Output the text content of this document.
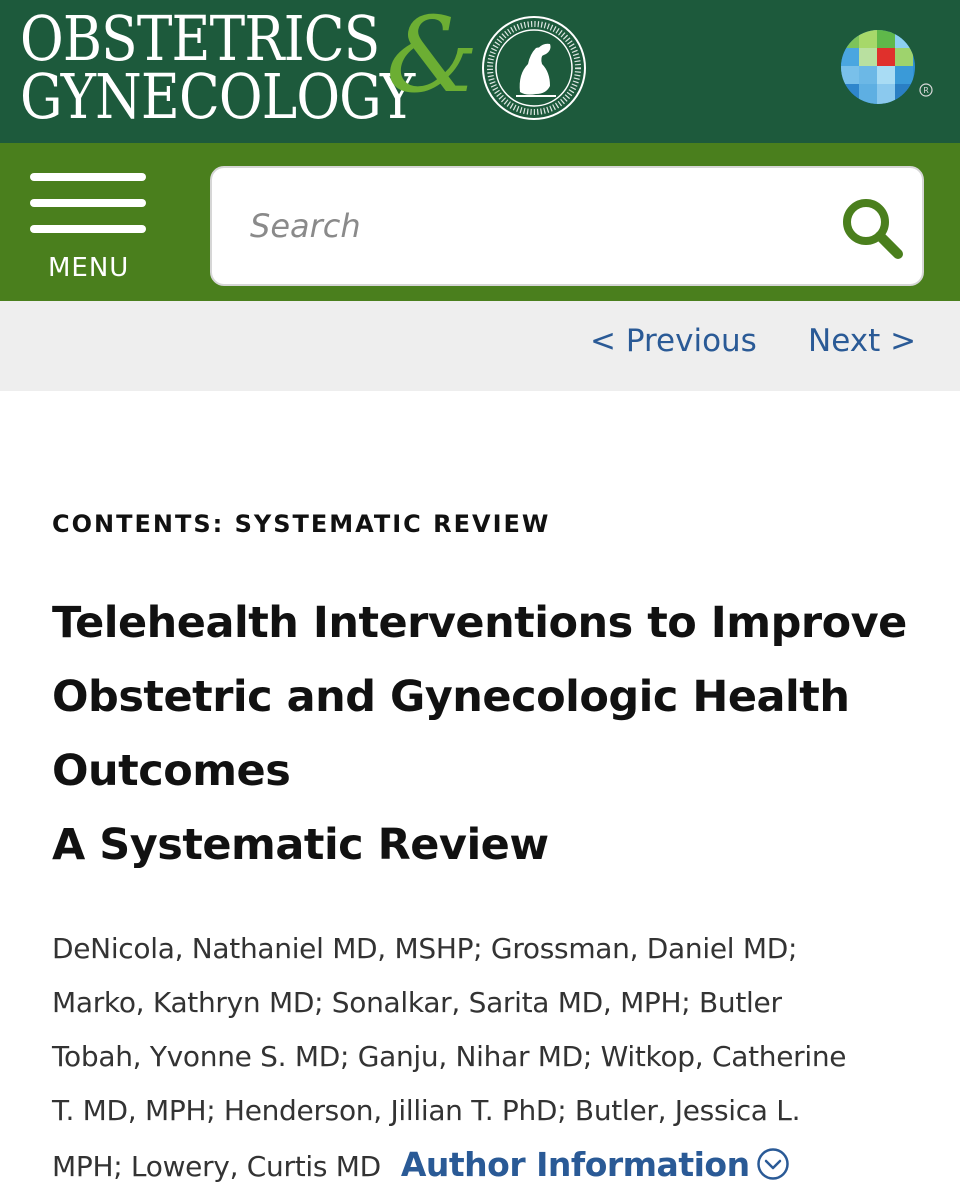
OBSTETRICS
GYNECOLOGY
&	R
MENU
Search
< Previous Next >
CONTENTS: SYSTEMATIC REVIEW
Telehealth Interventions to Improve
Obstetric and Gynecologic Health
Outcomes
A Systematic Review
DeNicola, Nathaniel MD, MSHP; Grossman, Daniel MD;
Marko, Kathryn MD; Sonalkar, Sarita MD, MPH; Butler
Tobah, Yvonne S. MD; Ganju, Nihar MD; Witkop, Catherine
T. MD, MPH; Henderson, Jillian T. PhD; Butler, Jessica L.
MPH; Lowery, Curtis MD Author Information
